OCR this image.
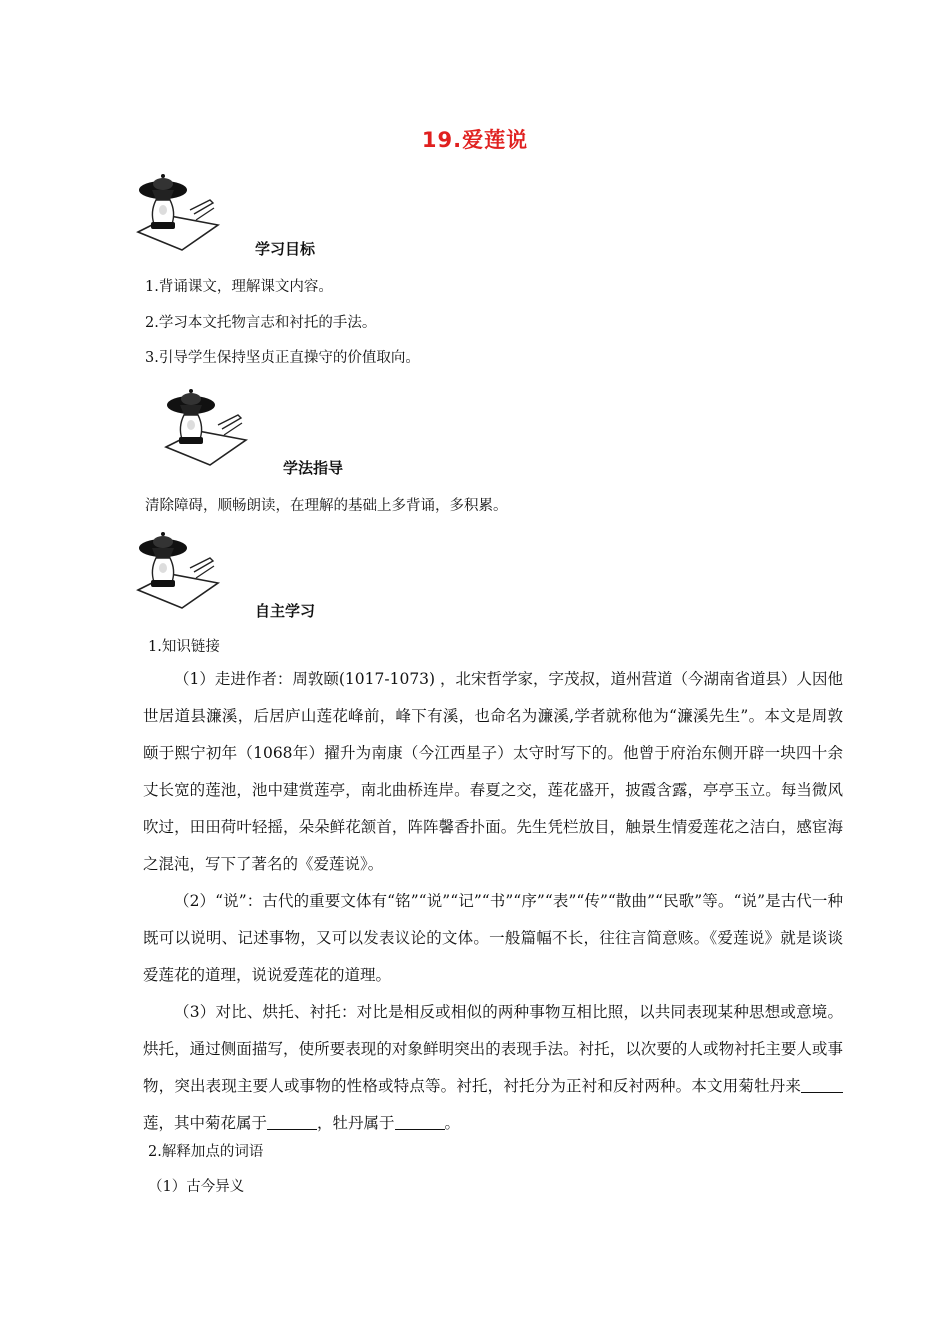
19.爱莲说
学习目标
1.背诵课文，理解课文内容。
2.学习本文托物言志和衬托的手法。
3.引导学生保持坚贞正直操守的价值取向。
学法指导
清除障碍，顺畅朗读，在理解的基础上多背诵，多积累。
自主学习
1.知识链接

（1）走进作者：周敦颐(1017-1073) ，北宋哲学家，字茂叔，道州营道（今湖南省道县）人因他世居道县濂溪，后居庐山莲花峰前，峰下有溪，也命名为濂溪,学者就称他为“濂溪先生”。本文是周敦颐于熙宁初年（1068年）擢升为南康（今江西星子）太守时写下的。他曾于府治东侧开辟一块四十余丈长宽的莲池，池中建赏莲亭，南北曲桥连岸。春夏之交，莲花盛开，披霞含露，亭亭玉立。每当微风吹过，田田荷叶轻摇，朵朵鲜花颔首，阵阵馨香扑面。先生凭栏放目，触景生情爱莲花之洁白，感宦海之混沌，写下了著名的《爱莲说》。

（2）“说”：古代的重要文体有“铭”“说”“记”“书”“序”“表”“传”“散曲”“民歌”等。“说”是古代一种既可以说明、记述事物，又可以发表议论的文体。一般篇幅不长，往往言简意赅。《爱莲说》就是谈谈爱莲花的道理，说说爱莲花的道理。

（3）对比、烘托、衬托：对比是相反或相似的两种事物互相比照，以共同表现某种思想或意境。烘托，通过侧面描写，使所要表现的对象鲜明突出的表现手法。衬托，以次要的人或物衬托主要人或事物，突出表现主要人或事物的性格或特点等。衬托，衬托分为正衬和反衬两种。本文用菊牡丹来莲，其中菊花属于	，牡丹属于	。

2.解释加点的词语
（1）古今异义
